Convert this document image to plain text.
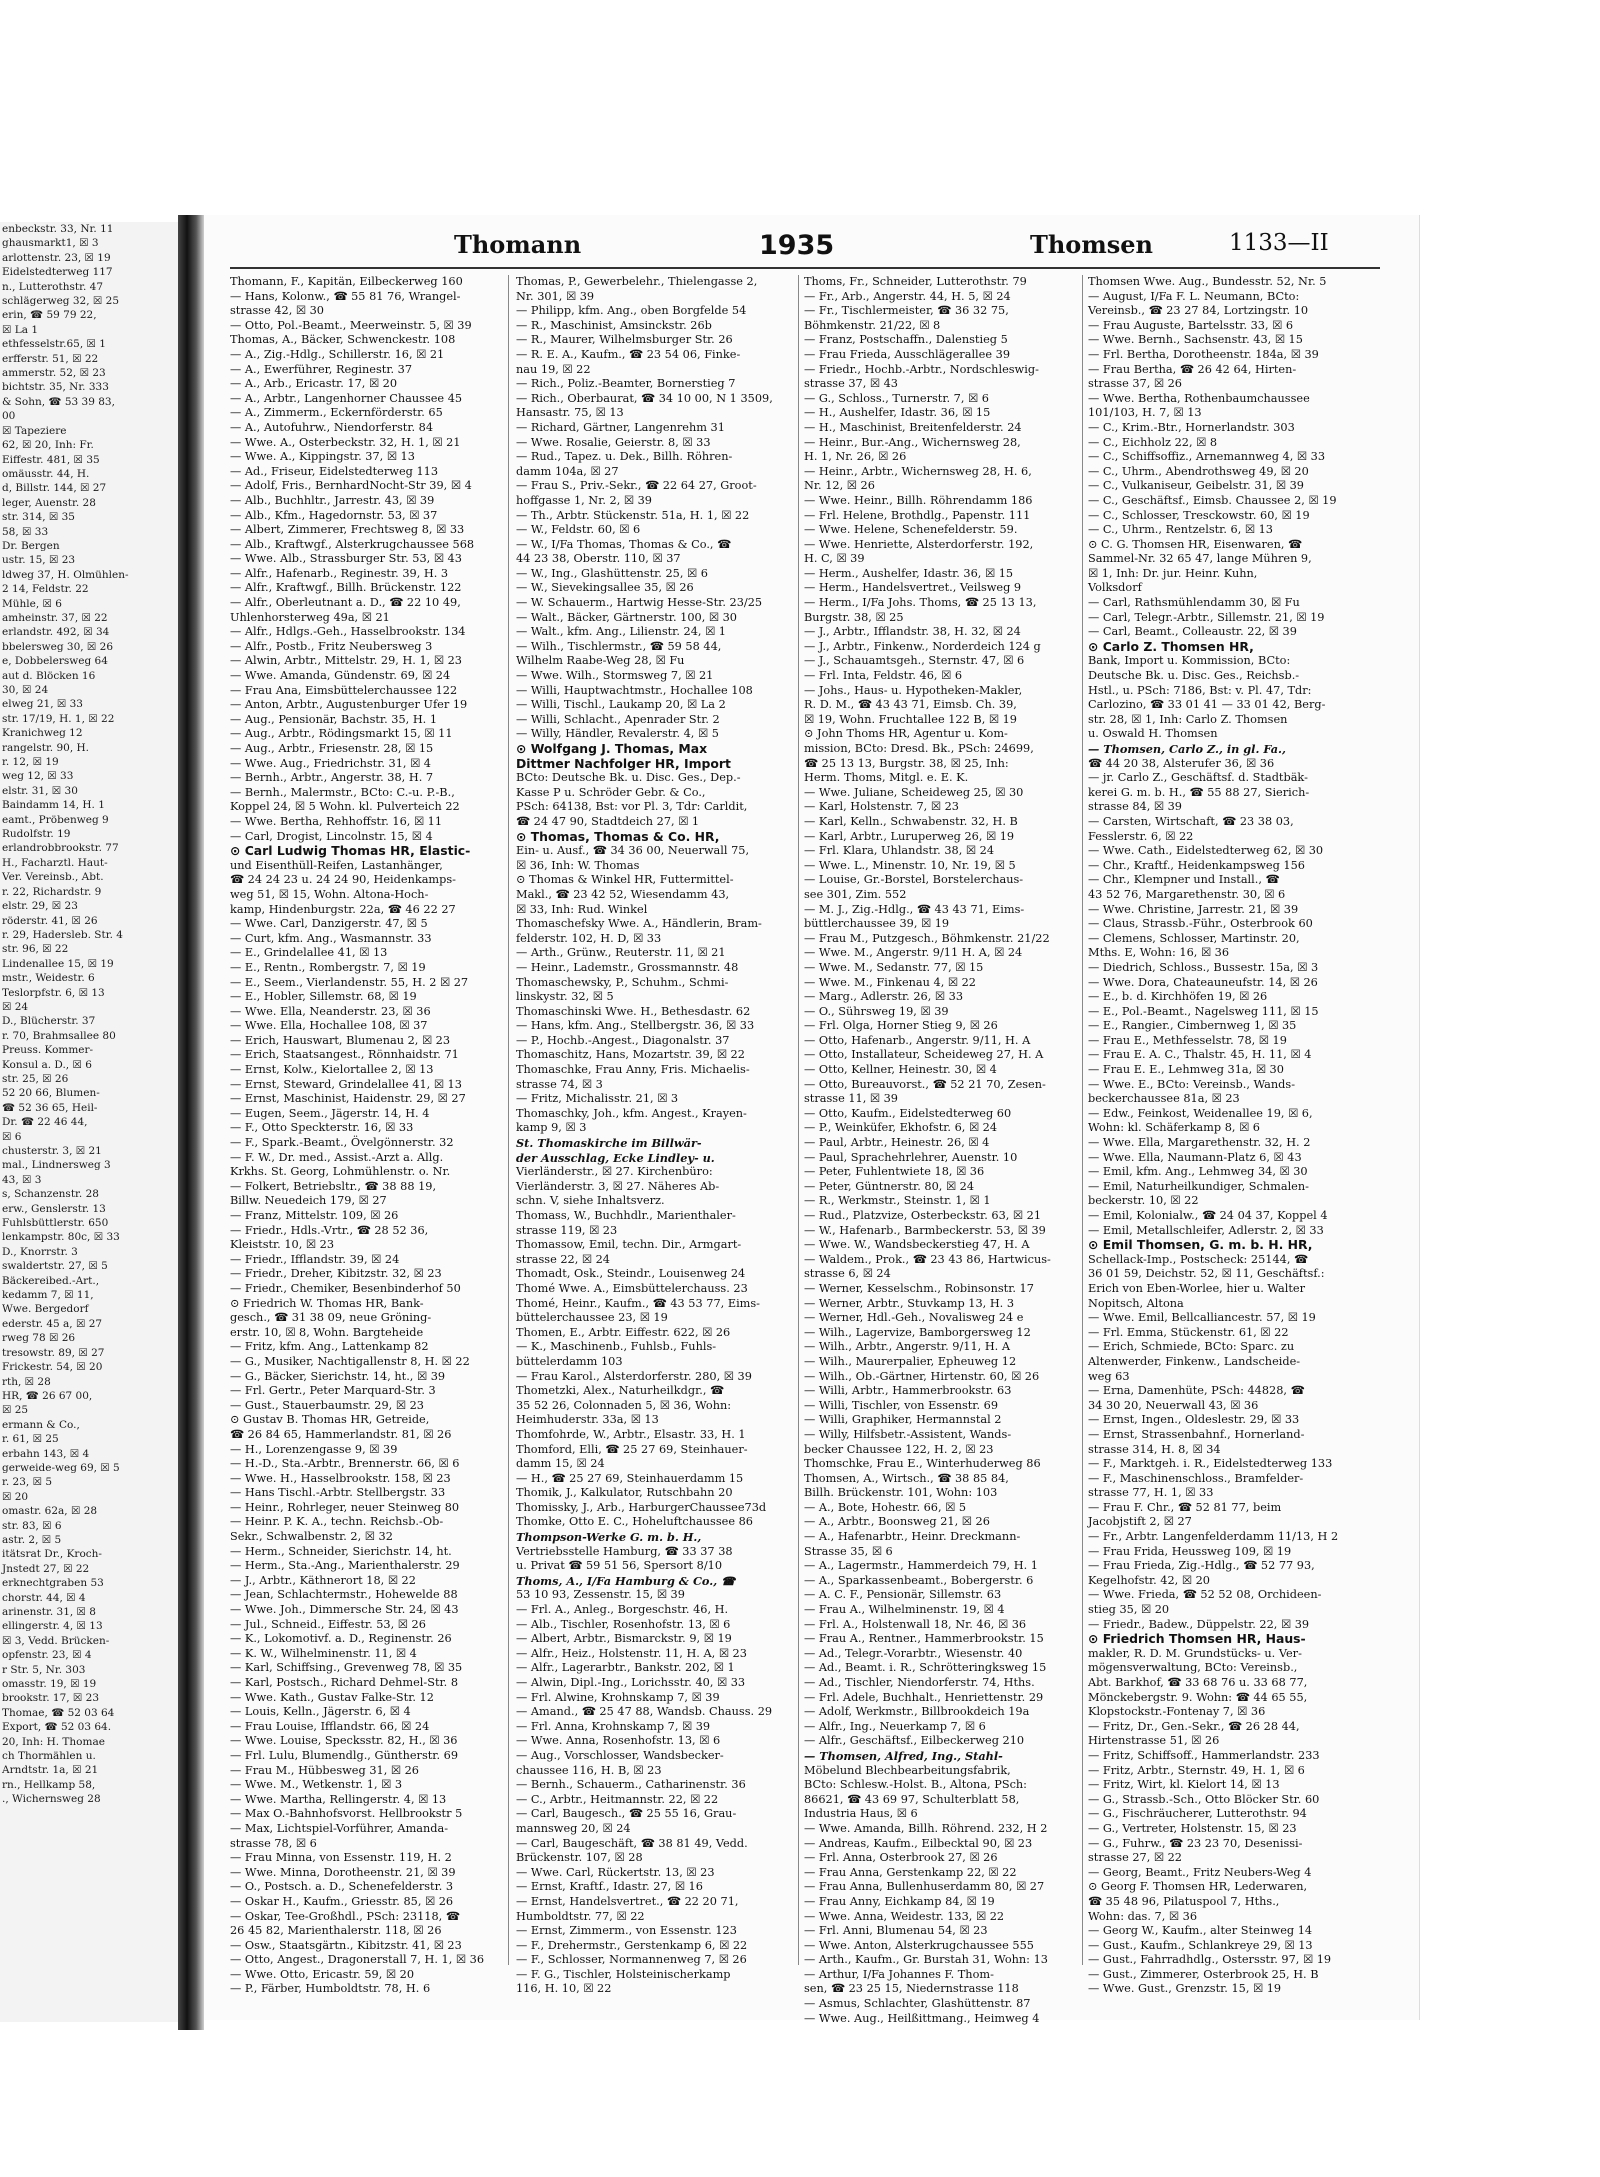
enbeckstr. 33, Nr. 11
ghausmarkt1, ☒ 3
arlottenstr. 23, ☒ 19
Eidelstedterweg 117
n., Lutterothstr. 47
schlägerweg 32, ☒ 25
erin, ☎ 59 79 22,
☒ La 1
ethfesselstr.65, ☒ 1
erfferstr. 51, ☒ 22
ammerstr. 52, ☒ 23
bichtstr. 35, Nr. 333
& Sohn, ☎ 53 39 83,
00
☒ Tapeziere
62, ☒ 20, Inh: Fr.
Eiffestr. 481, ☒ 35
omäusstr. 44, H.
d, Billstr. 144, ☒ 27
leger, Auenstr. 28
str. 314, ☒ 35
58, ☒ 33
Dr. Bergen
ustr. 15, ☒ 23
ldweg 37, H. Olmühlen-
2 14, Feldstr. 22
Mühle, ☒ 6
amheinstr. 37, ☒ 22
erlandstr. 492, ☒ 34
bbelersweg 30, ☒ 26
e, Dobbelersweg 64
aut d. Blöcken 16
30, ☒ 24
elweg 21, ☒ 33
str. 17/19, H. 1, ☒ 22
Kranichweg 12
rangelstr. 90, H.
r. 12, ☒ 19
weg 12, ☒ 33
elstr. 31, ☒ 30
Baindamm 14, H. 1
eamt., Pröbenweg 9
Rudolfstr. 19
erlandrobbrookstr. 77
H., Facharztl. Haut-
Ver. Vereinsb., Abt.
r. 22, Richardstr. 9
elstr. 29, ☒ 23
röderstr. 41, ☒ 26
r. 29, Hadersleb. Str. 4
str. 96, ☒ 22
Lindenallee 15, ☒ 19
mstr., Weidestr. 6
Teslorpfstr. 6, ☒ 13
☒ 24
D., Blücherstr. 37
r. 70, Brahmsallee 80
Preuss. Kommer-
Konsul a. D., ☒ 6
str. 25, ☒ 26
52 20 66, Blumen-
☎ 52 36 65, Heil-
Dr. ☎ 22 46 44,
☒ 6
chusterstr. 3, ☒ 21
mal., Lindnersweg 3
43, ☒ 3
s, Schanzenstr. 28
erw., Genslerstr. 13
Fuhlsbüttlerstr. 650
lenkampstr. 80c, ☒ 33
D., Knorrstr. 3
swaldertstr. 27, ☒ 5
Bäckereibed.-Art.,
kedamm 7, ☒ 11,
Wwe. Bergedorf
ederstr. 45 a, ☒ 27
rweg 78 ☒ 26
tresowstr. 89, ☒ 27
Frickestr. 54, ☒ 20
rth, ☒ 28
HR, ☎ 26 67 00,
☒ 25
ermann & Co.,
r. 61, ☒ 25
erbahn 143, ☒ 4
gerweide-weg 69, ☒ 5
r. 23, ☒ 5
☒ 20
omastr. 62a, ☒ 28
str. 83, ☒ 6
astr. 2, ☒ 5
itätsrat Dr., Kroch-
Jnstedt 27, ☒ 22
erknechtgraben 53
chorstr. 44, ☒ 4
arinenstr. 31, ☒ 8
ellingerstr. 4, ☒ 13
☒ 3, Vedd. Brücken-
opfenstr. 23, ☒ 4
r Str. 5, Nr. 303
omasstr. 19, ☒ 19
brookstr. 17, ☒ 23
Thomae, ☎ 52 03 64
Export, ☎ 52 03 64.
20, Inh: H. Thomae
ch Thormählen u.
Arndtstr. 1a, ☒ 21
rn., Hellkamp 58,
., Wichernsweg 28
Thomann	1935	Thomsen	1133—II
Thomann, F., Kapitän, Eilbeckerweg 160
— Hans, Kolonw., ☎ 55 81 76, Wrangel-
strasse 42, ☒ 30
— Otto, Pol.-Beamt., Meerweinstr. 5, ☒ 39
Thomas, A., Bäcker, Schwenckestr. 108
— A., Zig.-Hdlg., Schillerstr. 16, ☒ 21
— A., Ewerführer, Reginestr. 37
— A., Arb., Ericastr. 17, ☒ 20
— A., Arbtr., Langenhorner Chaussee 45
— A., Zimmerm., Eckernförderstr. 65
— A., Autofuhrw., Niendorferstr. 84
— Wwe. A., Osterbeckstr. 32, H. 1, ☒ 21
— Wwe. A., Kippingstr. 37, ☒ 13
— Ad., Friseur, Eidelstedterweg 113
— Adolf, Fris., BernhardNocht-Str 39, ☒ 4
— Alb., Buchhltr., Jarrestr. 43, ☒ 39
— Alb., Kfm., Hagedornstr. 53, ☒ 37
— Albert, Zimmerer, Frechtsweg 8, ☒ 33
— Alb., Kraftwgf., Alsterkrugchaussee 568
— Wwe. Alb., Strassburger Str. 53, ☒ 43
— Alfr., Hafenarb., Reginestr. 39, H. 3
— Alfr., Kraftwgf., Billh. Brückenstr. 122
— Alfr., Oberleutnant a. D., ☎ 22 10 49,
Uhlenhorsterweg 49a, ☒ 21
— Alfr., Hdlgs.-Geh., Hasselbrookstr. 134
— Alfr., Postb., Fritz Neubersweg 3
— Alwin, Arbtr., Mittelstr. 29, H. 1, ☒ 23
— Wwe. Amanda, Gündenstr. 69, ☒ 24
— Frau Ana, Eimsbüttelerchaussee 122
— Anton, Arbtr., Augustenburger Ufer 19
— Aug., Pensionär, Bachstr. 35, H. 1
— Aug., Arbtr., Rödingsmarkt 15, ☒ 11
— Aug., Arbtr., Friesenstr. 28, ☒ 15
— Wwe. Aug., Friedrichstr. 31, ☒ 4
— Bernh., Arbtr., Angerstr. 38, H. 7
— Bernh., Malermstr., BCto: C.-u. P.-B.,
Koppel 24, ☒ 5 Wohn. kl. Pulverteich 22
— Wwe. Bertha, Rehhoffstr. 16, ☒ 11
— Carl, Drogist, Lincolnstr. 15, ☒ 4
⊙ Carl Ludwig Thomas HR, Elastic-
und Eisenthüll-Reifen, Lastanhänger,
☎ 24 24 23 u. 24 24 90, Heidenkamps-
weg 51, ☒ 15, Wohn. Altona-Hoch-
kamp, Hindenburgstr. 22a, ☎ 46 22 27
— Wwe. Carl, Danzigerstr. 47, ☒ 5
— Curt, kfm. Ang., Wasmannstr. 33
— E., Grindelallee 41, ☒ 13
— E., Rentn., Rombergstr. 7, ☒ 19
— E., Seem., Vierlandenstr. 55, H. 2 ☒ 27
— E., Hobler, Sillemstr. 68, ☒ 19
— Wwe. Ella, Neanderstr. 23, ☒ 36
— Wwe. Ella, Hochallee 108, ☒ 37
— Erich, Hauswart, Blumenau 2, ☒ 23
— Erich, Staatsangest., Rönnhaidstr. 71
— Ernst, Kolw., Kielortallee 2, ☒ 13
— Ernst, Steward, Grindelallee 41, ☒ 13
— Ernst, Maschinist, Haidenstr. 29, ☒ 27
— Eugen, Seem., Jägerstr. 14, H. 4
— F., Otto Speckterstr. 16, ☒ 33
— F., Spark.-Beamt., Övelgönnerstr. 32
— F. W., Dr. med., Assist.-Arzt a. Allg.
Krkhs. St. Georg, Lohmühlenstr. o. Nr.
— Folkert, Betriebsltr., ☎ 38 88 19,
Billw. Neuedeich 179, ☒ 27
— Franz, Mittelstr. 109, ☒ 26
— Friedr., Hdls.-Vrtr., ☎ 28 52 36,
Kleiststr. 10, ☒ 23
— Friedr., Ifflandstr. 39, ☒ 24
— Friedr., Dreher, Kibitzstr. 32, ☒ 23
— Friedr., Chemiker, Besenbinderhof 50
⊙ Friedrich W. Thomas HR, Bank-
gesch., ☎ 31 38 09, neue Gröning-
erstr. 10, ☒ 8, Wohn. Bargteheide
— Fritz, kfm. Ang., Lattenkamp 82
— G., Musiker, Nachtigallenstr 8, H. ☒ 22
— G., Bäcker, Sierichstr. 14, ht., ☒ 39
— Frl. Gertr., Peter Marquard-Str. 3
— Gust., Stauerbaumstr. 29, ☒ 23
⊙ Gustav B. Thomas HR, Getreide,
☎ 26 84 65, Hammerlandstr. 81, ☒ 26
— H., Lorenzengasse 9, ☒ 39
— H.-D., Sta.-Arbtr., Brennerstr. 66, ☒ 6
— Wwe. H., Hasselbrookstr. 158, ☒ 23
— Hans Tischl.-Arbtr. Stellbergstr. 33
— Heinr., Rohrleger, neuer Steinweg 80
— Heinr. P. K. A., techn. Reichsb.-Ob-
Sekr., Schwalbenstr. 2, ☒ 32
— Herm., Schneider, Sierichstr. 14, ht.
— Herm., Sta.-Ang., Marienthalerstr. 29
— J., Arbtr., Käthnerort 18, ☒ 22
— Jean, Schlachtermstr., Hohewelde 88
— Wwe. Joh., Dimmersche Str. 24, ☒ 43
— Jul., Schneid., Eiffestr. 53, ☒ 26
— K., Lokomotivf. a. D., Reginenstr. 26
— K. W., Wilhelminenstr. 11, ☒ 4
— Karl, Schiffsing., Grevenweg 78, ☒ 35
— Karl, Postsch., Richard Dehmel-Str. 8
— Wwe. Kath., Gustav Falke-Str. 12
— Louis, Kelln., Jägerstr. 6, ☒ 4
— Frau Louise, Ifflandstr. 66, ☒ 24
— Wwe. Louise, Specksstr. 82, H., ☒ 36
— Frl. Lulu, Blumendlg., Güntherstr. 69
— Frau M., Hübbesweg 31, ☒ 26
— Wwe. M., Wetkenstr. 1, ☒ 3
— Wwe. Martha, Rellingerstr. 4, ☒ 13
— Max O.-Bahnhofsvorst. Hellbrookstr 5
— Max, Lichtspiel-Vorführer, Amanda-
strasse 78, ☒ 6
— Frau Minna, von Essenstr. 119, H. 2
— Wwe. Minna, Dorotheenstr. 21, ☒ 39
— O., Postsch. a. D., Schenefelderstr. 3
— Oskar H., Kaufm., Griesstr. 85, ☒ 26
— Oskar, Tee-Großhdl., PSch: 23118, ☎
26 45 82, Marienthalerstr. 118, ☒ 26
— Osw., Staatsgärtn., Kibitzstr. 41, ☒ 23
— Otto, Angest., Dragonerstall 7, H. 1, ☒ 36
— Wwe. Otto, Ericastr. 59, ☒ 20
— P., Färber, Humboldtstr. 78, H. 6
Thomas, P., Gewerbelehr., Thielengasse 2,
Nr. 301, ☒ 39
— Philipp, kfm. Ang., oben Borgfelde 54
— R., Maschinist, Amsinckstr. 26b
— R., Maurer, Wilhelmsburger Str. 26
— R. E. A., Kaufm., ☎ 23 54 06, Finke-
nau 19, ☒ 22
— Rich., Poliz.-Beamter, Bornerstieg 7
— Rich., Oberbaurat, ☎ 34 10 00, N 1 3509,
Hansastr. 75, ☒ 13
— Richard, Gärtner, Langenrehm 31
— Wwe. Rosalie, Geierstr. 8, ☒ 33
— Rud., Tapez. u. Dek., Billh. Röhren-
damm 104a, ☒ 27
— Frau S., Priv.-Sekr., ☎ 22 64 27, Groot-
hoffgasse 1, Nr. 2, ☒ 39
— Th., Arbtr. Stückenstr. 51a, H. 1, ☒ 22
— W., Feldstr. 60, ☒ 6
— W., I/Fa Thomas, Thomas & Co., ☎
44 23 38, Oberstr. 110, ☒ 37
— W., Ing., Glashüttenstr. 25, ☒ 6
— W., Sievekingsallee 35, ☒ 26
— W. Schauerm., Hartwig Hesse-Str. 23/25
— Walt., Bäcker, Gärtnerstr. 100, ☒ 30
— Walt., kfm. Ang., Lilienstr. 24, ☒ 1
— Wilh., Tischlermstr., ☎ 59 58 44,
Wilhelm Raabe-Weg 28, ☒ Fu
— Wwe. Wilh., Stormsweg 7, ☒ 21
— Willi, Hauptwachtmstr., Hochallee 108
— Willi, Tischl., Laukamp 20, ☒ La 2
— Willi, Schlacht., Apenrader Str. 2
— Willy, Händler, Revalerstr. 4, ☒ 5
⊙ Wolfgang J. Thomas, Max
Dittmer Nachfolger HR, Import
BCto: Deutsche Bk. u. Disc. Ges., Dep.-
Kasse P u. Schröder Gebr. & Co.,
PSch: 64138, Bst: vor Pl. 3, Tdr: Carldit,
☎ 24 47 90, Stadtdeich 27, ☒ 1
⊙ Thomas, Thomas & Co. HR,
Ein- u. Ausf., ☎ 34 36 00, Neuerwall 75,
☒ 36, Inh: W. Thomas
⊙ Thomas & Winkel HR, Futtermittel-
Makl., ☎ 23 42 52, Wiesendamm 43,
☒ 33, Inh: Rud. Winkel
Thomaschefsky Wwe. A., Händlerin, Bram-
felderstr. 102, H. D, ☒ 33
— Arth., Grünw., Reuterstr. 11, ☒ 21
— Heinr., Lademstr., Grossmannstr. 48
Thomaschewsky, P., Schuhm., Schmi-
linskystr. 32, ☒ 5
Thomaschinski Wwe. H., Bethesdastr. 62
— Hans, kfm. Ang., Stellbergstr. 36, ☒ 33
— P., Hochb.-Angest., Diagonalstr. 37
Thomaschitz, Hans, Mozartstr. 39, ☒ 22
Thomaschke, Frau Anny, Fris. Michaelis-
strasse 74, ☒ 3
— Fritz, Michalisstr. 21, ☒ 3
Thomaschky, Joh., kfm. Angest., Krayen-
kamp 9, ☒ 3
St. Thomaskirche im Billwär-
der Ausschlag, Ecke Lindley- u.
Vierländerstr., ☒ 27. Kirchenbüro:
Vierländerstr. 3, ☒ 27. Näheres Ab-
schn. V, siehe Inhaltsverz.
Thomass, W., Buchhdlr., Marienthaler-
strasse 119, ☒ 23
Thomassow, Emil, techn. Dir., Armgart-
strasse 22, ☒ 24
Thomadt, Osk., Steindr., Louisenweg 24
Thomé Wwe. A., Eimsbüttelerchauss. 23
Thomé, Heinr., Kaufm., ☎ 43 53 77, Eims-
büttelerchaussee 23, ☒ 19
Thomen, E., Arbtr. Eiffestr. 622, ☒ 26
— K., Maschinenb., Fuhlsb., Fuhls-
büttelerdamm 103
— Frau Karol., Alsterdorferstr. 280, ☒ 39
Thometzki, Alex., Naturheilkdgr., ☎
35 52 26, Colonnaden 5, ☒ 36, Wohn:
Heimhuderstr. 33a, ☒ 13
Thomfohrde, W., Arbtr., Elsastr. 33, H. 1
Thomford, Elli, ☎ 25 27 69, Steinhauer-
damm 15, ☒ 24
— H., ☎ 25 27 69, Steinhauerdamm 15
Thomik, J., Kalkulator, Rutschbahn 20
Thomissky, J., Arb., HarburgerChaussee73d
Thomke, Otto E. C., Hoheluftchaussee 86
Thompson-Werke G. m. b. H.,
Vertriebsstelle Hamburg, ☎ 33 37 38
u. Privat ☎ 59 51 56, Spersort 8/10
Thoms, A., I/Fa Hamburg & Co., ☎
53 10 93, Zessenstr. 15, ☒ 39
— Frl. A., Anleg., Borgeschstr. 46, H.
— Alb., Tischler, Rosenhofstr. 13, ☒ 6
— Albert, Arbtr., Bismarckstr. 9, ☒ 19
— Alfr., Heiz., Holstenstr. 11, H. A, ☒ 23
— Alfr., Lagerarbtr., Bankstr. 202, ☒ 1
— Alwin, Dipl.-Ing., Lorichsstr. 40, ☒ 33
— Frl. Alwine, Krohnskamp 7, ☒ 39
— Amand., ☎ 25 47 88, Wandsb. Chauss. 29
— Frl. Anna, Krohnskamp 7, ☒ 39
— Wwe. Anna, Rosenhofstr. 13, ☒ 6
— Aug., Vorschlosser, Wandsbecker-
chaussee 116, H. B, ☒ 23
— Bernh., Schauerm., Catharinenstr. 36
— C., Arbtr., Heitmannstr. 22, ☒ 22
— Carl, Baugesch., ☎ 25 55 16, Grau-
mannsweg 20, ☒ 24
— Carl, Baugeschäft, ☎ 38 81 49, Vedd.
Brückenstr. 107, ☒ 28
— Wwe. Carl, Rückertstr. 13, ☒ 23
— Ernst, Kraftf., Idastr. 27, ☒ 16
— Ernst, Handelsvertret., ☎ 22 20 71,
Humboldtstr. 77, ☒ 22
— Ernst, Zimmerm., von Essenstr. 123
— F., Drehermstr., Gerstenkamp 6, ☒ 22
— F., Schlosser, Normannenweg 7, ☒ 26
— F. G., Tischler, Holsteinischerkamp
116, H. 10, ☒ 22
Thoms, Fr., Schneider, Lutterothstr. 79
— Fr., Arb., Angerstr. 44, H. 5, ☒ 24
— Fr., Tischlermeister, ☎ 36 32 75,
Böhmkenstr. 21/22, ☒ 8
— Franz, Postschaffn., Dalenstieg 5
— Frau Frieda, Ausschlägerallee 39
— Friedr., Hochb.-Arbtr., Nordschleswig-
strasse 37, ☒ 43
— G., Schloss., Turnerstr. 7, ☒ 6
— H., Aushelfer, Idastr. 36, ☒ 15
— H., Maschinist, Breitenfelderstr. 24
— Heinr., Bur.-Ang., Wichernsweg 28,
H. 1, Nr. 26, ☒ 26
— Heinr., Arbtr., Wichernsweg 28, H. 6,
Nr. 12, ☒ 26
— Wwe. Heinr., Billh. Röhrendamm 186
— Frl. Helene, Brothdlg., Papenstr. 111
— Wwe. Helene, Schenefelderstr. 59.
— Wwe. Henriette, Alsterdorferstr. 192,
H. C, ☒ 39
— Herm., Aushelfer, Idastr. 36, ☒ 15
— Herm., Handelsvertret., Veilsweg 9
— Herm., I/Fa Johs. Thoms, ☎ 25 13 13,
Burgstr. 38, ☒ 25
— J., Arbtr., Ifflandstr. 38, H. 32, ☒ 24
— J., Arbtr., Finkenw., Norderdeich 124 g
— J., Schauamtsgeh., Sternstr. 47, ☒ 6
— Frl. Inta, Feldstr. 46, ☒ 6
— Johs., Haus- u. Hypotheken-Makler,
R. D. M., ☎ 43 43 71, Eimsb. Ch. 39,
☒ 19, Wohn. Fruchtallee 122 B, ☒ 19
⊙ John Thoms HR, Agentur u. Kom-
mission, BCto: Dresd. Bk., PSch: 24699,
☎ 25 13 13, Burgstr. 38, ☒ 25, Inh:
Herm. Thoms, Mitgl. e. E. K.
— Wwe. Juliane, Scheideweg 25, ☒ 30
— Karl, Holstenstr. 7, ☒ 23
— Karl, Kelln., Schwabenstr. 32, H. B
— Karl, Arbtr., Luruperweg 26, ☒ 19
— Frl. Klara, Uhlandstr. 38, ☒ 24
— Wwe. L., Minenstr. 10, Nr. 19, ☒ 5
— Louise, Gr.-Borstel, Borstelerchaus-
see 301, Zim. 552
— M. J., Zig.-Hdlg., ☎ 43 43 71, Eims-
büttlerchaussee 39, ☒ 19
— Frau M., Putzgesch., Böhmkenstr. 21/22
— Wwe. M., Angerstr. 9/11 H. A, ☒ 24
— Wwe. M., Sedanstr. 77, ☒ 15
— Wwe. M., Finkenau 4, ☒ 22
— Marg., Adlerstr. 26, ☒ 33
— O., Sührsweg 19, ☒ 39
— Frl. Olga, Horner Stieg 9, ☒ 26
— Otto, Hafenarb., Angerstr. 9/11, H. A
— Otto, Installateur, Scheideweg 27, H. A
— Otto, Kellner, Heinestr. 30, ☒ 4
— Otto, Bureauvorst., ☎ 52 21 70, Zesen-
strasse 11, ☒ 39
— Otto, Kaufm., Eidelstedterweg 60
— P., Weinküfer, Ekhofstr. 6, ☒ 24
— Paul, Arbtr., Heinestr. 26, ☒ 4
— Paul, Sprachehrlehrer, Auenstr. 10
— Peter, Fuhlentwiete 18, ☒ 36
— Peter, Güntnerstr. 80, ☒ 24
— R., Werkmstr., Steinstr. 1, ☒ 1
— Rud., Platzvize, Osterbeckstr. 63, ☒ 21
— W., Hafenarb., Barmbeckerstr. 53, ☒ 39
— Wwe. W., Wandsbeckerstieg 47, H. A
— Waldem., Prok., ☎ 23 43 86, Hartwicus-
strasse 6, ☒ 24
— Werner, Kesselschm., Robinsonstr. 17
— Werner, Arbtr., Stuvkamp 13, H. 3
— Werner, Hdl.-Geh., Novalisweg 24 e
— Wilh., Lagervize, Bamborgersweg 12
— Wilh., Arbtr., Angerstr. 9/11, H. A
— Wilh., Maurerpalier, Epheuweg 12
— Wilh., Ob.-Gärtner, Hirtenstr. 60, ☒ 26
— Willi, Arbtr., Hammerbrookstr. 63
— Willi, Tischler, von Essenstr. 69
— Willi, Graphiker, Hermannstal 2
— Willy, Hilfsbetr.-Assistent, Wands-
becker Chaussee 122, H. 2, ☒ 23
Thomschke, Frau E., Winterhuderweg 86
Thomsen, A., Wirtsch., ☎ 38 85 84,
Billh. Brückenstr. 101, Wohn: 103
— A., Bote, Hohestr. 66, ☒ 5
— A., Arbtr., Boonsweg 21, ☒ 26
— A., Hafenarbtr., Heinr. Dreckmann-
Strasse 35, ☒ 6
— A., Lagermstr., Hammerdeich 79, H. 1
— A., Sparkassenbeamt., Bobergerstr. 6
— A. C. F., Pensionär, Sillemstr. 63
— Frau A., Wilhelminenstr. 19, ☒ 4
— Frl. A., Holstenwall 18, Nr. 46, ☒ 36
— Frau A., Rentner., Hammerbrookstr. 15
— Ad., Telegr.-Vorarbtr., Wiesenstr. 40
— Ad., Beamt. i. R., Schrötteringksweg 15
— Ad., Tischler, Niendorferstr. 74, Hths.
— Frl. Adele, Buchhalt., Henriettenstr. 29
— Adolf, Werkmstr., Billbrookdeich 19a
— Alfr., Ing., Neuerkamp 7, ☒ 6
— Alfr., Geschäftsf., Eilbeckerweg 210
— Thomsen, Alfred, Ing., Stahl-
Möbelund Blechbearbeitungsfabrik,
BCto: Schlesw.-Holst. B., Altona, PSch:
86621, ☎ 43 69 97, Schulterblatt 58,
Industria Haus, ☒ 6
— Wwe. Amanda, Billh. Röhrend. 232, H 2
— Andreas, Kaufm., Eilbecktal 90, ☒ 23
— Frl. Anna, Osterbrook 27, ☒ 26
— Frau Anna, Gerstenkamp 22, ☒ 22
— Frau Anna, Bullenhuserdamm 80, ☒ 27
— Frau Anny, Eichkamp 84, ☒ 19
— Wwe. Anna, Weidestr. 133, ☒ 22
— Frl. Anni, Blumenau 54, ☒ 23
— Wwe. Anton, Alsterkrugchaussee 555
— Arth., Kaufm., Gr. Burstah 31, Wohn: 13
— Arthur, I/Fa Johannes F. Thom-
sen, ☎ 23 25 15, Niedernstrasse 118
— Asmus, Schlachter, Glashüttenstr. 87
— Wwe. Aug., Heilßittmang., Heimweg 4
Thomsen Wwe. Aug., Bundesstr. 52, Nr. 5
— August, I/Fa F. L. Neumann, BCto:
Vereinsb., ☎ 23 27 84, Lortzingstr. 10
— Frau Auguste, Bartelsstr. 33, ☒ 6
— Wwe. Bernh., Sachsenstr. 43, ☒ 15
— Frl. Bertha, Dorotheenstr. 184a, ☒ 39
— Frau Bertha, ☎ 26 42 64, Hirten-
strasse 37, ☒ 26
— Wwe. Bertha, Rothenbaumchaussee
101/103, H. 7, ☒ 13
— C., Krim.-Btr., Hornerlandstr. 303
— C., Eichholz 22, ☒ 8
— C., Schiffsoffiz., Arnemannweg 4, ☒ 33
— C., Uhrm., Abendrothsweg 49, ☒ 20
— C., Vulkaniseur, Geibelstr. 31, ☒ 39
— C., Geschäftsf., Eimsb. Chaussee 2, ☒ 19
— C., Schlosser, Tresckowstr. 60, ☒ 19
— C., Uhrm., Rentzelstr. 6, ☒ 13
⊙ C. G. Thomsen HR, Eisenwaren, ☎
Sammel-Nr. 32 65 47, lange Mühren 9,
☒ 1, Inh: Dr. jur. Heinr. Kuhn,
Volksdorf
— Carl, Rathsmühlendamm 30, ☒ Fu
— Carl, Telegr.-Arbtr., Sillemstr. 21, ☒ 19
— Carl, Beamt., Colleaustr. 22, ☒ 39
⊙ Carlo Z. Thomsen HR,
Bank, Import u. Kommission, BCto:
Deutsche Bk. u. Disc. Ges., Reichsb.-
Hstl., u. PSch: 7186, Bst: v. Pl. 47, Tdr:
Carlozino, ☎ 33 01 41 — 33 01 42, Berg-
str. 28, ☒ 1, Inh: Carlo Z. Thomsen
u. Oswald H. Thomsen
— Thomsen, Carlo Z., in gl. Fa.,
☎ 44 20 38, Alsterufer 36, ☒ 36
— jr. Carlo Z., Geschäftsf. d. Stadtbäk-
kerei G. m. b. H., ☎ 55 88 27, Sierich-
strasse 84, ☒ 39
— Carsten, Wirtschaft, ☎ 23 38 03,
Fesslerstr. 6, ☒ 22
— Wwe. Cath., Eidelstedterweg 62, ☒ 30
— Chr., Kraftf., Heidenkampsweg 156
— Chr., Klempner und Install., ☎
43 52 76, Margarethenstr. 30, ☒ 6
— Wwe. Christine, Jarrestr. 21, ☒ 39
— Claus, Strassb.-Führ., Osterbrook 60
— Clemens, Schlosser, Martinstr. 20,
Mths. E, Wohn: 16, ☒ 36
— Diedrich, Schloss., Bussestr. 15a, ☒ 3
— Wwe. Dora, Chateauneufstr. 14, ☒ 26
— E., b. d. Kirchhöfen 19, ☒ 26
— E., Pol.-Beamt., Nagelsweg 111, ☒ 15
— E., Rangier., Cimbernweg 1, ☒ 35
— Frau E., Methfesselstr. 78, ☒ 19
— Frau E. A. C., Thalstr. 45, H. 11, ☒ 4
— Frau E. E., Lehmweg 31a, ☒ 30
— Wwe. E., BCto: Vereinsb., Wands-
beckerchaussee 81a, ☒ 23
— Edw., Feinkost, Weidenallee 19, ☒ 6,
Wohn: kl. Schäferkamp 8, ☒ 6
— Wwe. Ella, Margarethenstr. 32, H. 2
— Wwe. Ella, Naumann-Platz 6, ☒ 43
— Emil, kfm. Ang., Lehmweg 34, ☒ 30
— Emil, Naturheilkundiger, Schmalen-
beckerstr. 10, ☒ 22
— Emil, Kolonialw., ☎ 24 04 37, Koppel 4
— Emil, Metallschleifer, Adlerstr. 2, ☒ 33
⊙ Emil Thomsen, G. m. b. H. HR,
Schellack-Imp., Postscheck: 25144, ☎
36 01 59, Deichstr. 52, ☒ 11, Geschäftsf.:
Erich von Eben-Worlee, hier u. Walter
Nopitsch, Altona
— Wwe. Emil, Bellcalliancestr. 57, ☒ 19
— Frl. Emma, Stückenstr. 61, ☒ 22
— Erich, Schmiede, BCto: Sparc. zu
Altenwerder, Finkenw., Landscheide-
weg 63
— Erna, Damenhüte, PSch: 44828, ☎
34 30 20, Neuerwall 43, ☒ 36
— Ernst, Ingen., Oldeslestr. 29, ☒ 33
— Ernst, Strassenbahnf., Hornerland-
strasse 314, H. 8, ☒ 34
— F., Marktgeh. i. R., Eidelstedterweg 133
— F., Maschinenschloss., Bramfelder-
strasse 77, H. 1, ☒ 33
— Frau F. Chr., ☎ 52 81 77, beim
Jacobjstift 2, ☒ 27
— Fr., Arbtr. Langenfelderdamm 11/13, H 2
— Frau Frida, Heussweg 109, ☒ 19
— Frau Frieda, Zig.-Hdlg., ☎ 52 77 93,
Kegelhofstr. 42, ☒ 20
— Wwe. Frieda, ☎ 52 52 08, Orchideen-
stieg 35, ☒ 20
— Friedr., Badew., Düppelstr. 22, ☒ 39
⊙ Friedrich Thomsen HR, Haus-
makler, R. D. M. Grundstücks- u. Ver-
mögensverwaltung, BCto: Vereinsb.,
Abt. Barkhof, ☎ 33 68 76 u. 33 68 77,
Mönckebergstr. 9. Wohn: ☎ 44 65 55,
Klopstockstr.-Fontenay 7, ☒ 36
— Fritz, Dr., Gen.-Sekr., ☎ 26 28 44,
Hirtenstrasse 51, ☒ 26
— Fritz, Schiffsoff., Hammerlandstr. 233
— Fritz, Arbtr., Sternstr. 49, H. 1, ☒ 6
— Fritz, Wirt, kl. Kielort 14, ☒ 13
— G., Strassb.-Sch., Otto Blöcker Str. 60
— G., Fischräucherer, Lutterothstr. 94
— G., Vertreter, Holstenstr. 15, ☒ 23
— G., Fuhrw., ☎ 23 23 70, Desenissi-
strasse 27, ☒ 22
— Georg, Beamt., Fritz Neubers-Weg 4
⊙ Georg F. Thomsen HR, Lederwaren,
☎ 35 48 96, Pilatuspool 7, Hths.,
Wohn: das. 7, ☒ 36
— Georg W., Kaufm., alter Steinweg 14
— Gust., Kaufm., Schlankreye 29, ☒ 13
— Gust., Fahrradhdlg., Ostersstr. 97, ☒ 19
— Gust., Zimmerer, Osterbrook 25, H. B
— Wwe. Gust., Grenzstr. 15, ☒ 19
